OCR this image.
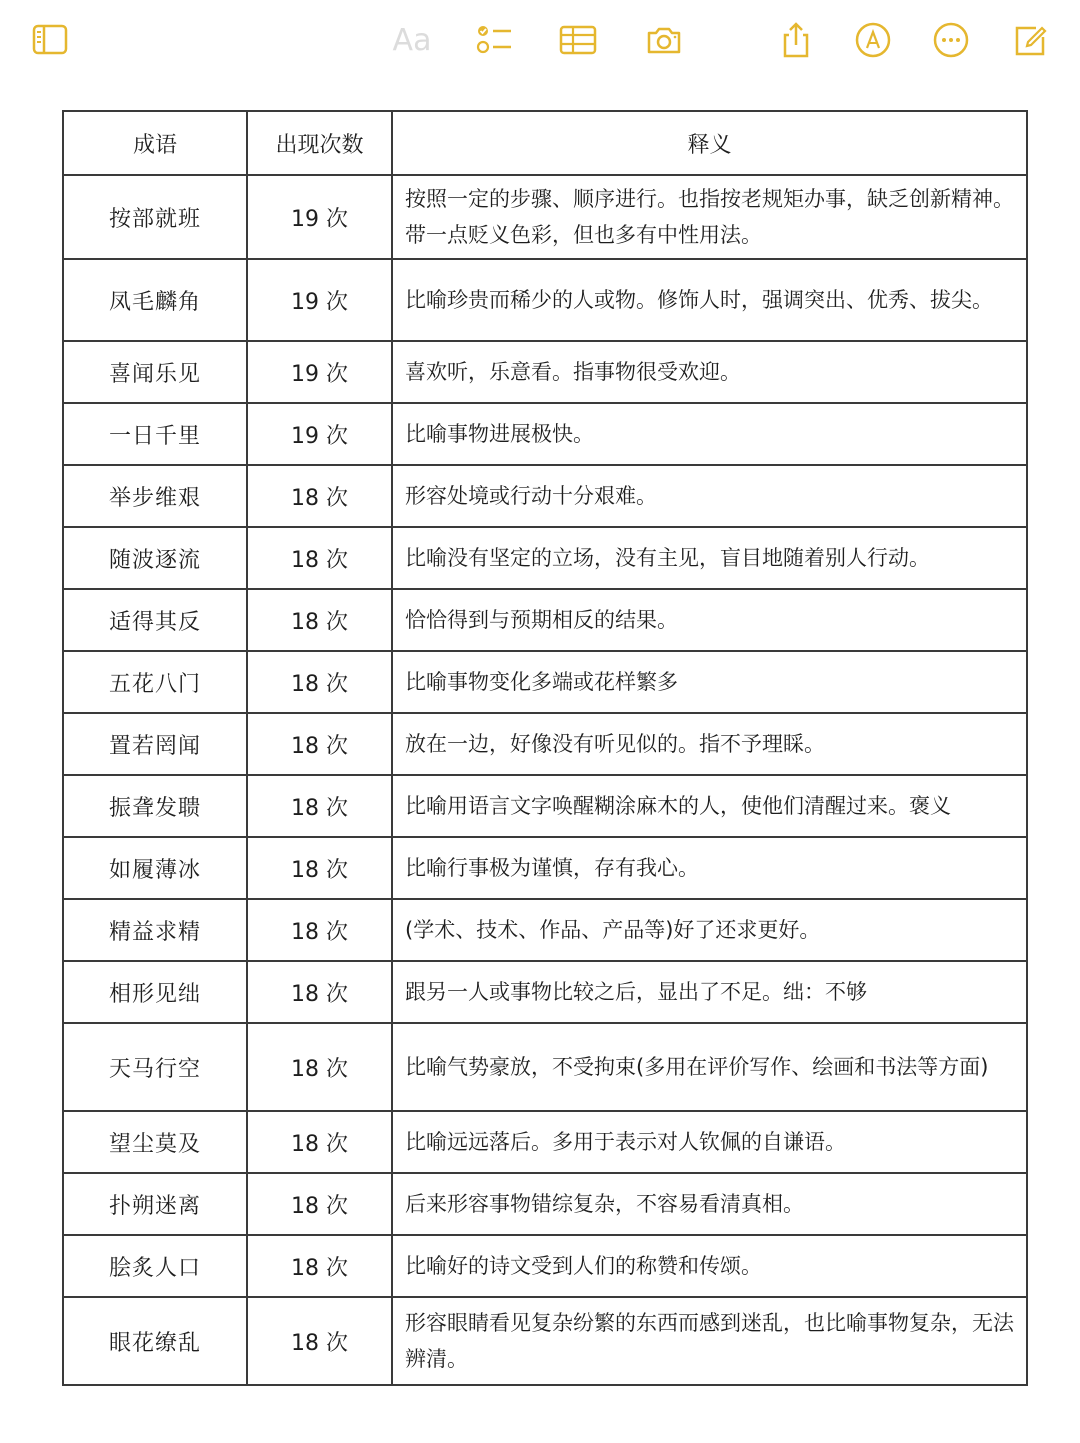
Aa
成语	出现次数	释义
按部就班	19 次	按照一定的步骤、顺序进行。也指按老规矩办事，缺乏创新精神。带一点贬义色彩，但也多有中性用法。
凤毛麟角	19 次	比喻珍贵而稀少的人或物。修饰人时，强调突出、优秀、拔尖。
喜闻乐见	19 次	喜欢听，乐意看。指事物很受欢迎。
一日千里	19 次	比喻事物进展极快。
举步维艰	18 次	形容处境或行动十分艰难。
随波逐流	18 次	比喻没有坚定的立场，没有主见，盲目地随着别人行动。
适得其反	18 次	恰恰得到与预期相反的结果。
五花八门	18 次	比喻事物变化多端或花样繁多
置若罔闻	18 次	放在一边，好像没有听见似的。指不予理睬。
振聋发聩	18 次	比喻用语言文字唤醒糊涂麻木的人，使他们清醒过来。褒义
如履薄冰	18 次	比喻行事极为谨慎，存有我心。
精益求精	18 次	(学术、技术、作品、产品等)好了还求更好。
相形见绌	18 次	跟另一人或事物比较之后，显出了不足。绌：不够
天马行空	18 次	比喻气势豪放，不受拘束(多用在评价写作、绘画和书法等方面)
望尘莫及	18 次	比喻远远落后。多用于表示对人钦佩的自谦语。
扑朔迷离	18 次	后来形容事物错综复杂，不容易看清真相。
脍炙人口	18 次	比喻好的诗文受到人们的称赞和传颂。
眼花缭乱	18 次	形容眼睛看见复杂纷繁的东西而感到迷乱，也比喻事物复杂，无法辨清。
